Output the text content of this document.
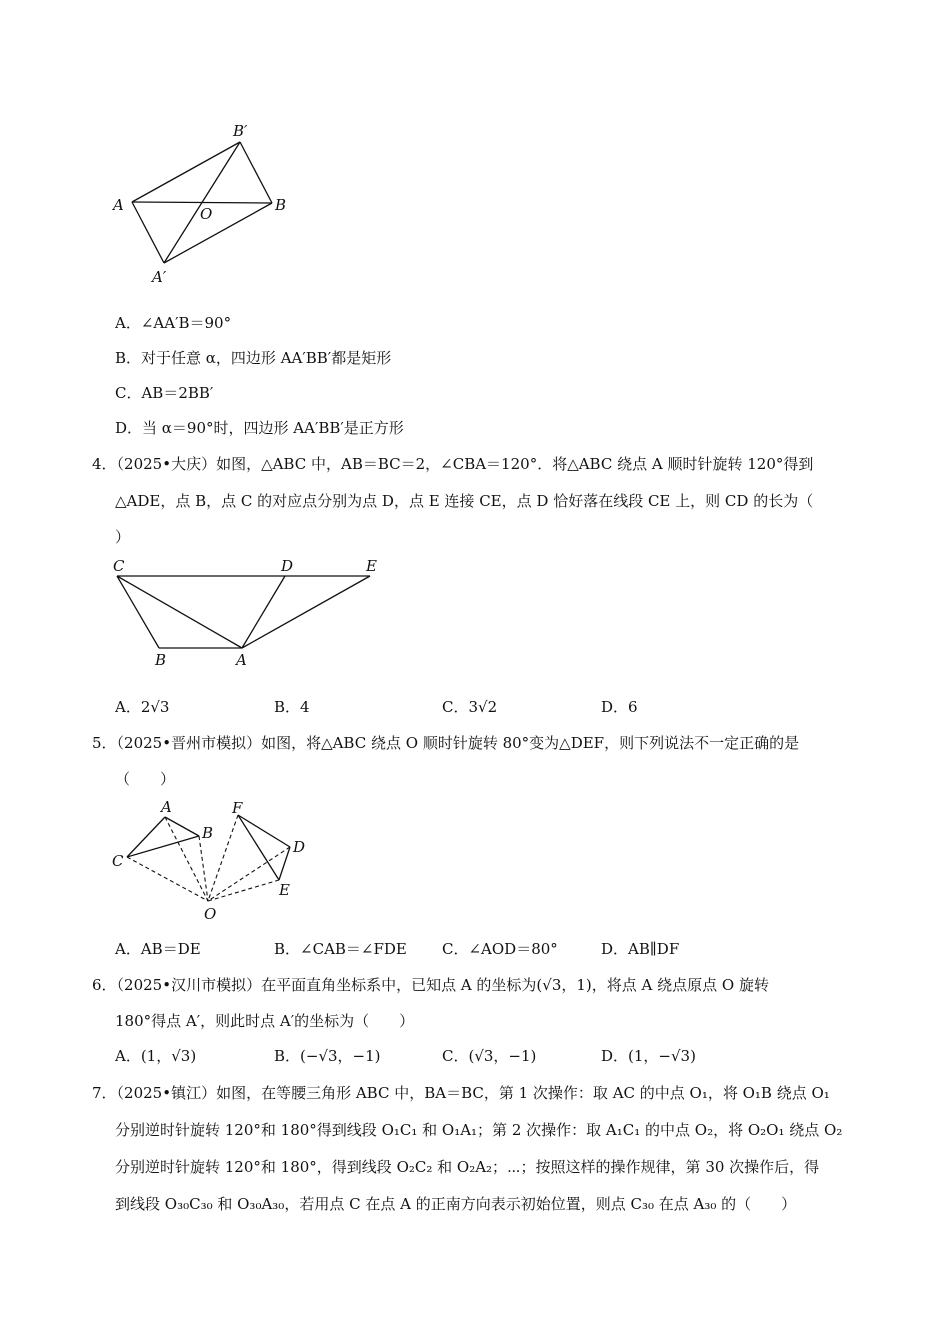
B′
A	O	B
A′
A．∠AA′B＝90°
B．对于任意 α，四边形 AA′BB′都是矩形
C．AB＝2BB′
D．当 α＝90°时，四边形 AA′BB′是正方形
4．（2025•大庆）如图，△ABC 中，AB＝BC＝2，∠CBA＝120°．将△ABC 绕点 A 顺时针旋转 120°得到
△ADE，点 B，点 C 的对应点分别为点 D，点 E 连接 CE，点 D 恰好落在线段 CE 上，则 CD 的长为（
）
C	D	E
B	A
A．2√3	B．4	C．3√2	D．6
5．（2025•晋州市模拟）如图，将△ABC 绕点 O 顺时针旋转 80°变为△DEF，则下列说法不一定正确的是
（　　）
A
B
C
F
D
E
O
A．AB＝DE	B．∠CAB＝∠FDE C．∠AOD＝80°	D．AB∥DF
6．（2025•汉川市模拟）在平面直角坐标系中，已知点 A 的坐标为(√3，1)，将点 A 绕点原点 O 旋转
180°得点 A′，则此时点 A′的坐标为（　　）
A．(1，√3)	B．(−√3，−1)	C．(√3，−1)	D．(1，−√3)
7．（2025•镇江）如图，在等腰三角形 ABC 中，BA＝BC，第 1 次操作：取 AC 的中点 O₁，将 O₁B 绕点 O₁
分别逆时针旋转 120°和 180°得到线段 O₁C₁ 和 O₁A₁；第 2 次操作：取 A₁C₁ 的中点 O₂，将 O₂O₁ 绕点 O₂
分别逆时针旋转 120°和 180°，得到线段 O₂C₂ 和 O₂A₂；⋯；按照这样的操作规律，第 30 次操作后，得
到线段 O₃₀C₃₀ 和 O₃₀A₃₀，若用点 C 在点 A 的正南方向表示初始位置，则点 C₃₀ 在点 A₃₀ 的（　　）
